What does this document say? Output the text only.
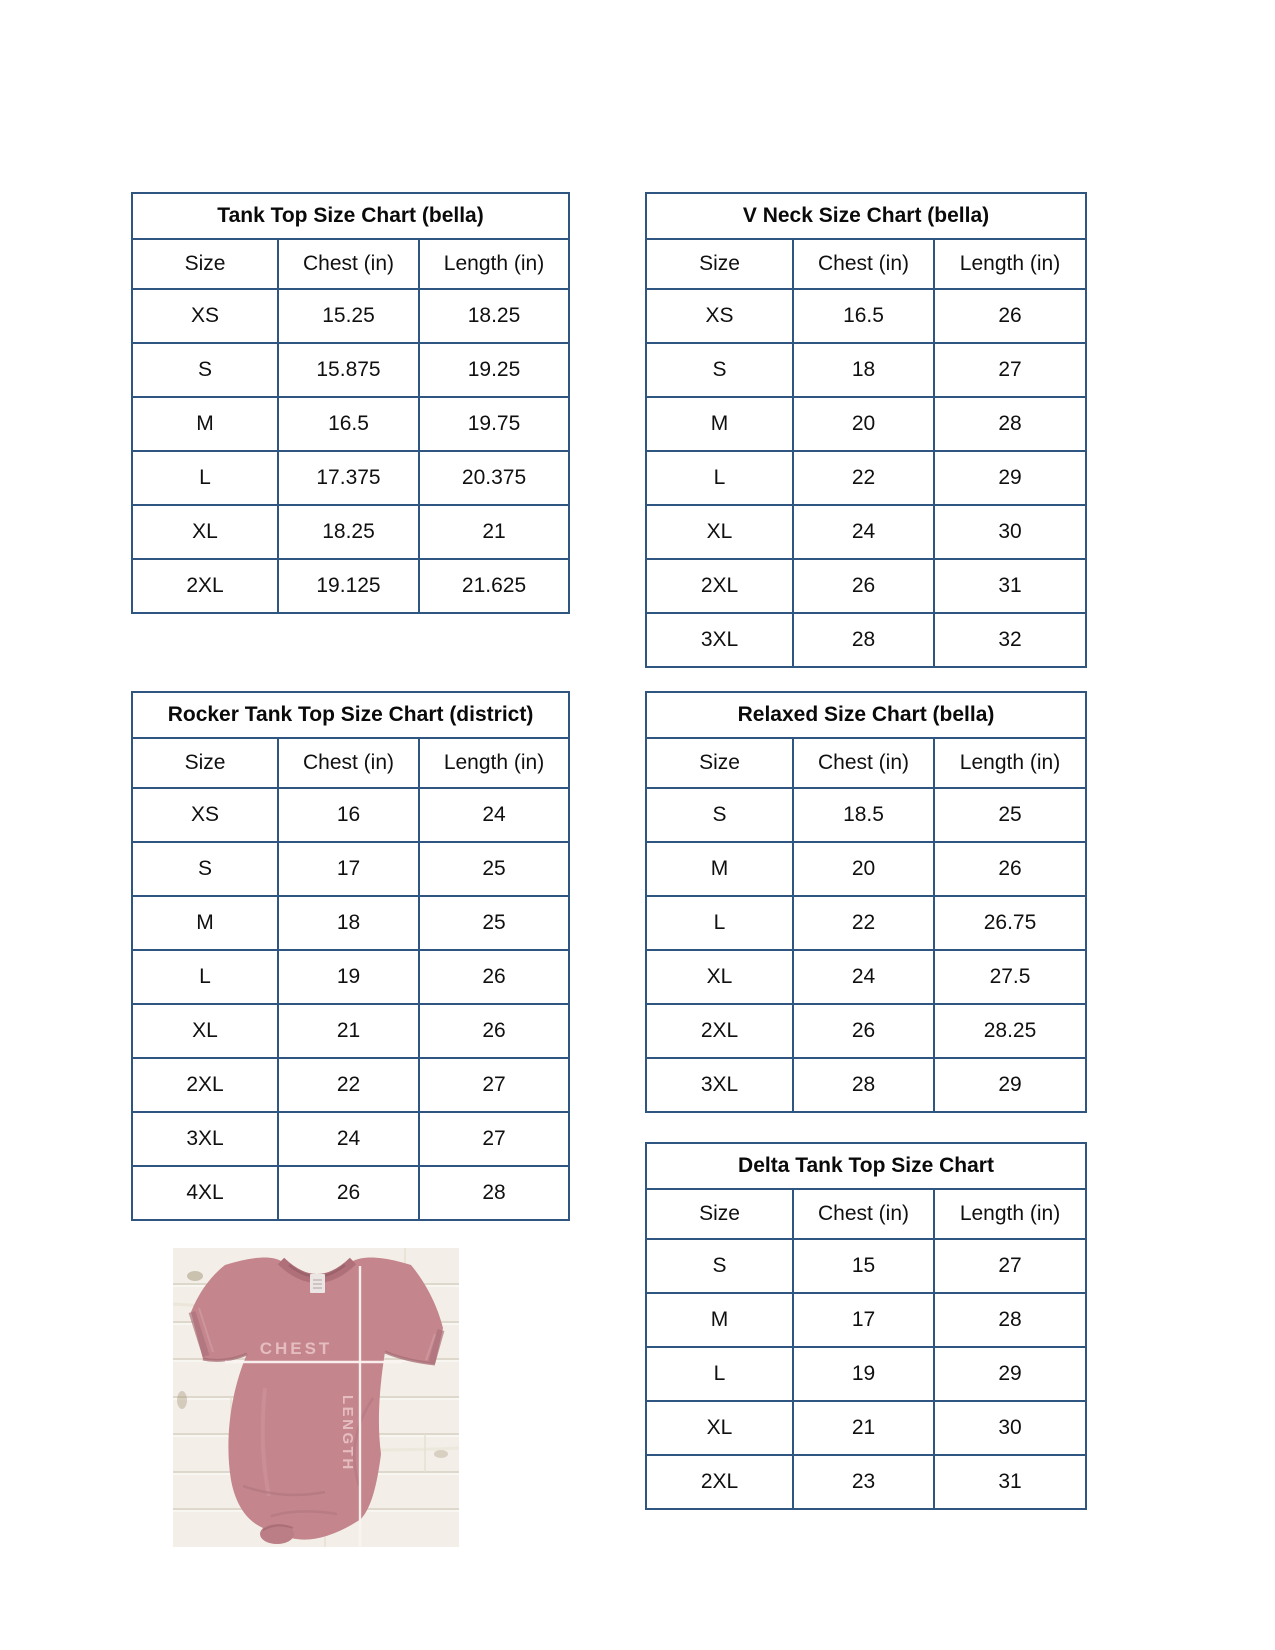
Tank Top Size Chart (bella)		
Size	Chest (in)	Length (in)
XS	15.25	18.25
S	15.875	19.25
M	16.5	19.75
L	17.375	20.375
XL	18.25	21
2XL	19.125	21.625
V Neck Size Chart (bella)		
Size	Chest (in)	Length (in)
XS	16.5	26
S	18	27
M	20	28
L	22	29
XL	24	30
2XL	26	31
3XL	28	32
Rocker Tank Top Size Chart (district)		
Size	Chest (in)	Length (in)
XS	16	24
S	17	25
M	18	25
L	19	26
XL	21	26
2XL	22	27
3XL	24	27
4XL	26	28
Relaxed Size Chart (bella)		
Size	Chest (in)	Length (in)
S	18.5	25
M	20	26
L	22	26.75
XL	24	27.5
2XL	26	28.25
3XL	28	29
Delta Tank Top Size Chart		
Size	Chest (in)	Length (in)
S	15	27
M	17	28
L	19	29
XL	21	30
2XL	23	31
CHEST
LENGTH
